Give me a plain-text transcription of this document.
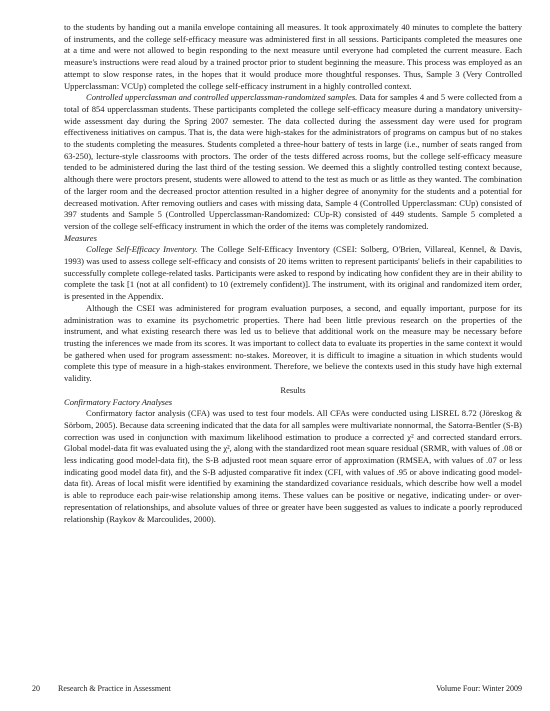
to the students by handing out a manila envelope containing all measures. It took approximately 40 minutes to complete the battery of instruments, and the college self-efficacy measure was administered first in all sessions. Participants completed the measures one at a time and were not allowed to begin responding to the next measure until everyone had completed the current measure. Each measure's instructions were read aloud by a trained proctor prior to student beginning the measure. This process was employed as an attempt to slow response rates, in the hopes that it would produce more thoughtful responses. Thus, Sample 3 (Very Controlled Upperclassman: VCUp) completed the college self-efficacy instrument in a highly controlled context.

Controlled upperclassman and controlled upperclassman-randomized samples. Data for samples 4 and 5 were collected from a total of 854 upperclassman students. These participants completed the college self-efficacy measure during a mandatory university-wide assessment day during the Spring 2007 semester. The data collected during the assessment day were used for program effectiveness initiatives on campus. That is, the data were high-stakes for the administrators of programs on campus but of no stakes to the students completing the measures. Students completed a three-hour battery of tests in large (i.e., number of seats ranged from 63-250), lecture-style classrooms with proctors. The order of the tests differed across rooms, but the college self-efficacy measure tended to be administered during the last third of the testing session. We deemed this a slightly controlled testing context because, although there were proctors present, students were allowed to attend to the test as much or as little as they wanted. The combination of the larger room and the decreased proctor attention resulted in a higher degree of anonymity for the students and a potential for decreased motivation. After removing outliers and cases with missing data, Sample 4 (Controlled Upperclassman: CUp) consisted of 397 students and Sample 5 (Controlled Upperclassman-Randomized: CUp-R) consisted of 449 students. Sample 5 completed a version of the college self-efficacy instrument in which the order of the items was completely randomized.

Measures

College Self-Efficacy Inventory. The College Self-Efficacy Inventory (CSEI: Solberg, O'Brien, Villareal, Kennel, & Davis, 1993) was used to assess college self-efficacy and consists of 20 items written to represent participants' beliefs in their capabilities to successfully complete college-related tasks. Participants were asked to respond by indicating how confident they are in their ability to complete the task [1 (not at all confident) to 10 (extremely confident)]. The instrument, with its original and randomized item order, is presented in the Appendix.

Although the CSEI was administered for program evaluation purposes, a second, and equally important, purpose for its administration was to examine its psychometric properties. There had been little previous research on the properties of the instrument, and what existing research there was led us to believe that additional work on the measure may be necessary before trusting the inferences we made from its scores. It was important to collect data to evaluate its properties in the same context it would be gathered when used for program assessment: no-stakes. Moreover, it is difficult to imagine a situation in which students would complete this type of measure in a high-stakes environment. Therefore, we believe the contexts used in this study have high external validity.

Results

Confirmatory Factory Analyses

Confirmatory factor analysis (CFA) was used to test four models. All CFAs were conducted using LISREL 8.72 (Jöreskog & Sörbom, 2005). Because data screening indicated that the data for all samples were multivariate nonnormal, the Satorra-Bentler (S-B) correction was used in conjunction with maximum likelihood estimation to produce a corrected χ² and corrected standard errors. Global model-data fit was evaluated using the χ², along with the standardized root mean square residual (SRMR, with values of .08 or less indicating good model-data fit), the S-B adjusted root mean square error of approximation (RMSEA, with values of .07 or less indicating good model data fit), and the S-B adjusted comparative fit index (CFI, with values of .95 or above indicating good model-data fit). Areas of local misfit were identified by examining the standardized covariance residuals, which describe how well a model is able to reproduce each pair-wise relationship among items. These values can be positive or negative, indicating under- or over-representation of relationships, and absolute values of three or greater have been suggested as values to indicate a poorly reproduced relationship (Raykov & Marcoulides, 2000).

20	Research & Practice in Assessment	Volume Four: Winter 2009
